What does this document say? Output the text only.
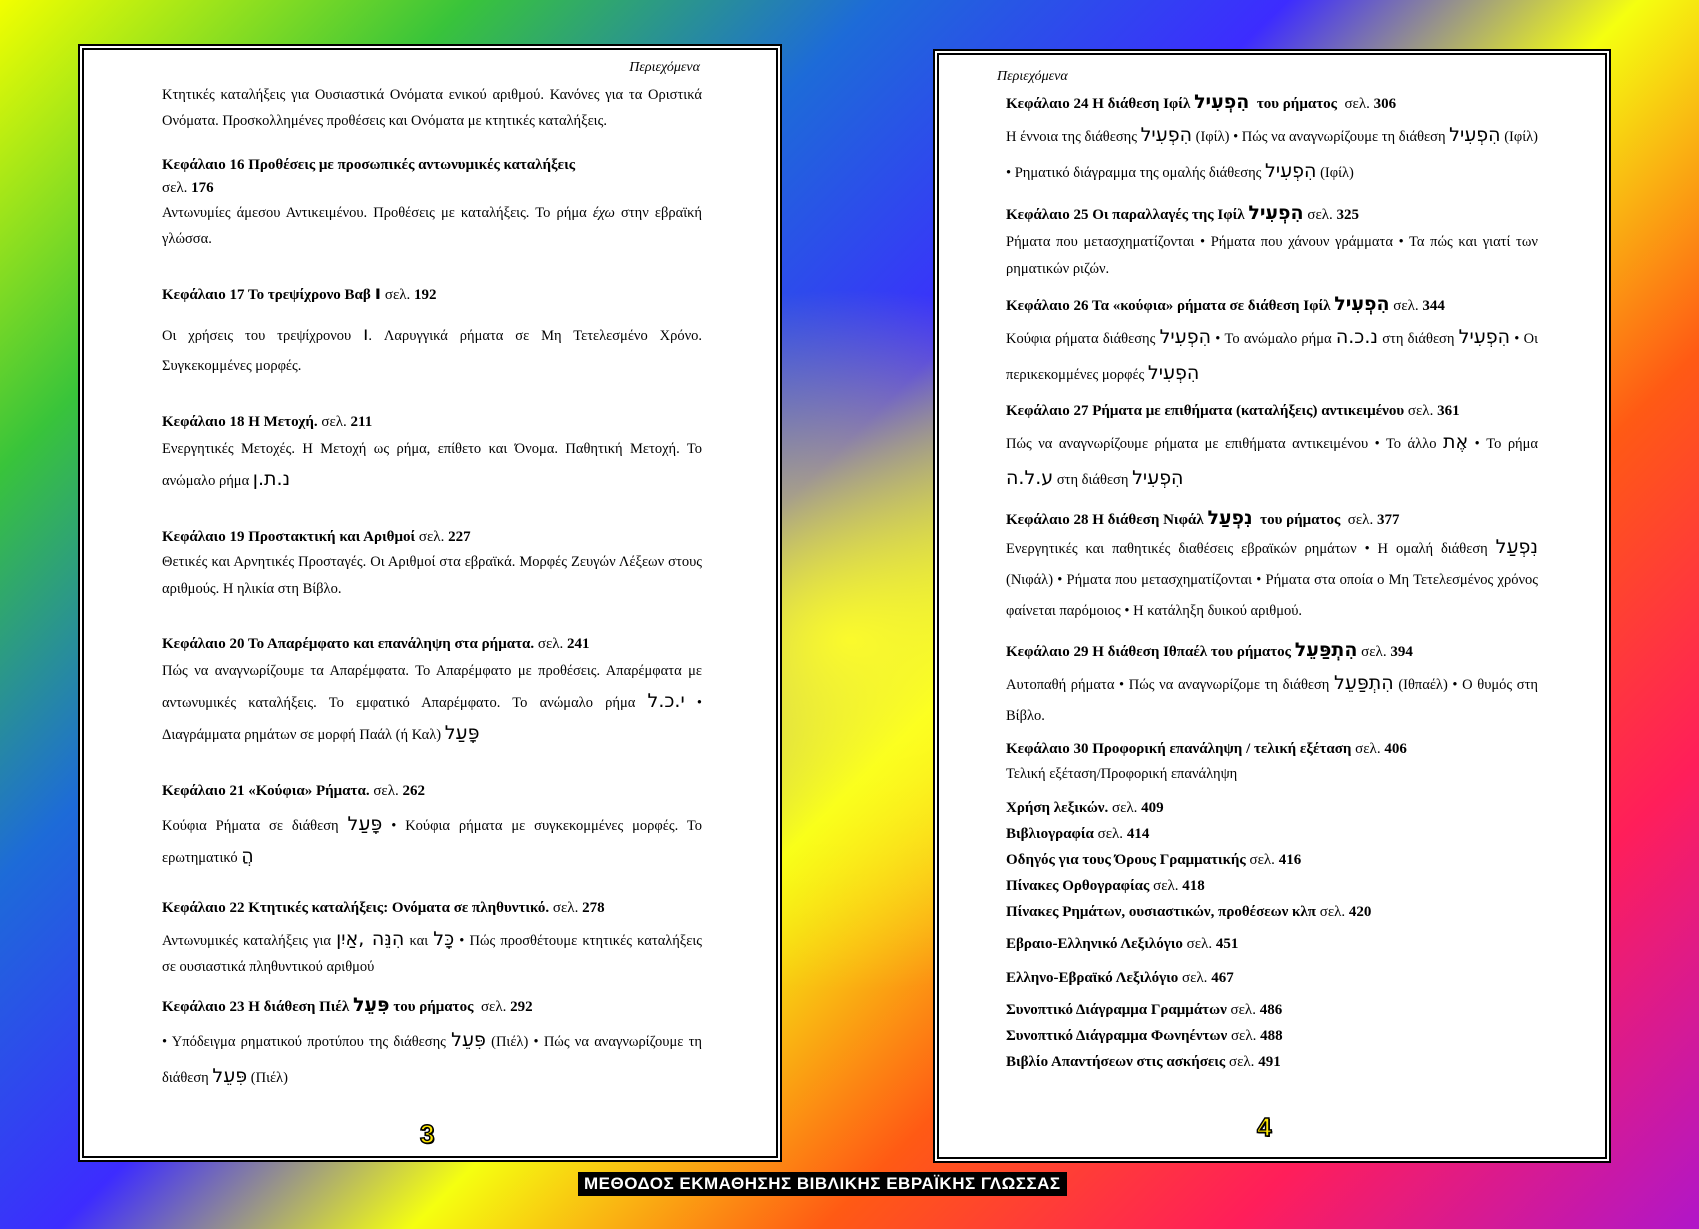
Περιεχόμενα

Κτητικές καταλήξεις για Ουσιαστικά Ονόματα ενικού αριθμού. Κανόνες για τα Οριστικά Ονόματα. Προσκολλημένες προθέσεις και Ονόματα με κτητικές καταλήξεις.

Κεφάλαιο 16 Προθέσεις με προσωπικές αντωνυμικές καταλήξεις
σελ. 176
Αντωνυμίες άμεσου Αντικειμένου. Προθέσεις με καταλήξεις. Το ρήμα έχω στην εβραϊκή γλώσσα.
Κεφάλαιο 17 Το τρεψίχρονο Βαβ ו σελ. 192
Οι χρήσεις του τρεψίχρονου ו. Λαρυγγικά ρήματα σε Μη Τετελεσμένο Χρόνο. Συγκεκομμένες μορφές.
Κεφάλαιο 18 Η Μετοχή. σελ. 211
Ενεργητικές Μετοχές. Η Μετοχή ως ρήμα, επίθετο και Όνομα. Παθητική Μετοχή. Το ανώμαλο ρήμα נ.ת.ן
Κεφάλαιο 19 Προστακτική και Αριθμοί σελ. 227
Θετικές και Αρνητικές Προσταγές. Οι Αριθμοί στα εβραϊκά. Μορφές Ζευγών Λέξεων στους αριθμούς. Η ηλικία στη Βίβλο.
Κεφάλαιο 20 Το Απαρέμφατο και επανάληψη στα ρήματα. σελ. 241
Πώς να αναγνωρίζουμε τα Απαρέμφατα. Το Απαρέμφατο με προθέσεις. Απαρέμφατα με αντωνυμικές καταλήξεις. Το εμφατικό Απαρέμφατο. Το ανώμαλο ρήμα י.כ.ל • Διαγράμματα ρημάτων σε μορφή Παάλ (ή Καλ) פָּעַל
Κεφάλαιο 21 «Κούφια» Ρήματα. σελ. 262
Κούφια Ρήματα σε διάθεση פָּעַל • Κούφια ρήματα με συγκεκομμένες μορφές. Το ερωτηματικό הֲ
Κεφάλαιο 22 Κτητικές καταλήξεις: Ονόματα σε πληθυντικό. σελ. 278
Αντωνυμικές καταλήξεις για הִנֵּה ,אַיִן και כָּל • Πώς προσθέτουμε κτητικές καταλήξεις σε ουσιαστικά πληθυντικού αριθμού
Κεφάλαιο 23 Η διάθεση Πιέλ פִּעֵל του ρήματος σελ. 292
• Υπόδειγμα ρηματικού προτύπου της διάθεσης פִּעֵל (Πιέλ) • Πώς να αναγνωρίζουμε τη διάθεση פִּעֵל (Πιέλ)
3
Περιεχόμενα
Κεφάλαιο 24 Η διάθεση Ιφίλ הִפְעִיל του ρήματος σελ. 306
Η έννοια της διάθεσης הִפְעִיל (Ιφίλ) • Πώς να αναγνωρίζουμε τη διάθεση הִפְעִיל (Ιφίλ) • Ρηματικό διάγραμμα της ομαλής διάθεσης הִפְעִיל (Ιφίλ)
Κεφάλαιο 25 Οι παραλλαγές της Ιφίλ הִפְעִיל σελ. 325
Ρήματα που μετασχηματίζονται • Ρήματα που χάνουν γράμματα • Τα πώς και γιατί των ρηματικών ριζών.
Κεφάλαιο 26 Τα «κούφια» ρήματα σε διάθεση Ιφίλ הִפְעִיל σελ. 344
Κούφια ρήματα διάθεσης הִפְעִיל • Το ανώμαλο ρήμα נ.כ.ה στη διάθεση הִפְעִיל • Οι περικεκομμένες μορφές הִפְעִיל
Κεφάλαιο 27 Ρήματα με επιθήματα (καταλήξεις) αντικειμένου σελ. 361
Πώς να αναγνωρίζουμε ρήματα με επιθήματα αντικειμένου • Το άλλο אֶת • Το ρήμα ע.ל.ה στη διάθεση הִפְעִיל
Κεφάλαιο 28 Η διάθεση Νιφάλ נִפְעַל του ρήματος σελ. 377
Ενεργητικές και παθητικές διαθέσεις εβραϊκών ρημάτων • Η ομαλή διάθεση נִפְעַל (Νιφάλ) • Ρήματα που μετασχηματίζονται • Ρήματα στα οποία ο Μη Τετελεσμένος χρόνος φαίνεται παρόμοιος • Η κατάληξη δυικού αριθμού.
Κεφάλαιο 29 Η διάθεση Ιθπαέλ του ρήματος הִתְפַּעֵל σελ. 394
Αυτοπαθή ρήματα • Πώς να αναγνωρίζομε τη διάθεση הִתְפַּעֵל (Ιθπαέλ) • Ο θυμός στη Βίβλο.
Κεφάλαιο 30 Προφορική επανάληψη / τελική εξέταση σελ. 406
Τελική εξέταση/Προφορική επανάληψη
Χρήση λεξικών. σελ. 409
Βιβλιογραφία σελ. 414
Οδηγός για τους Όρους Γραμματικής σελ. 416
Πίνακες Ορθογραφίας σελ. 418
Πίνακες Ρημάτων, ουσιαστικών, προθέσεων κλπ σελ. 420
Εβραιο-Ελληνικό Λεξιλόγιο σελ. 451
Ελληνο-Εβραϊκό Λεξιλόγιο σελ. 467
Συνοπτικό Διάγραμμα Γραμμάτων σελ. 486
Συνοπτικό Διάγραμμα Φωνηέντων σελ. 488
Βιβλίο Απαντήσεων στις ασκήσεις σελ. 491
4
ΜΕΘΟΔΟΣ ΕΚΜΑΘΗΣΗΣ ΒΙΒΛΙΚΗΣ ΕΒΡΑΪΚΗΣ ΓΛΩΣΣΑΣ
